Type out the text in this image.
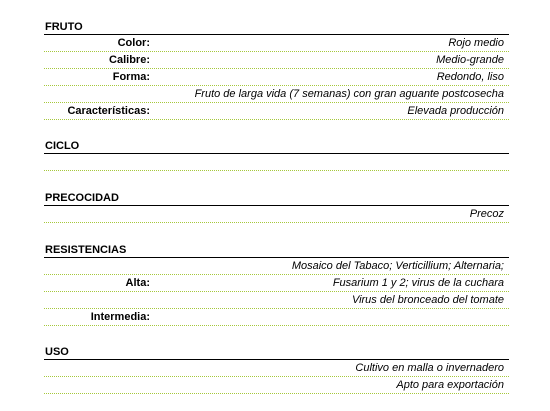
FRUTO
Color:	Rojo medio
Calibre:	Medio-grande
Forma:	Redondo, liso
Fruto de larga vida (7 semanas) con gran aguante postcosecha
Características:	Elevada producción
CICLO
PRECOCIDAD
Precoz
RESISTENCIAS
Mosaico del Tabaco; Verticillium; Alternaria;
Alta:	Fusarium 1 y 2; virus de la cuchara
Virus del bronceado del tomate
Intermedia:
USO
Cultivo en malla o invernadero
Apto para exportación
